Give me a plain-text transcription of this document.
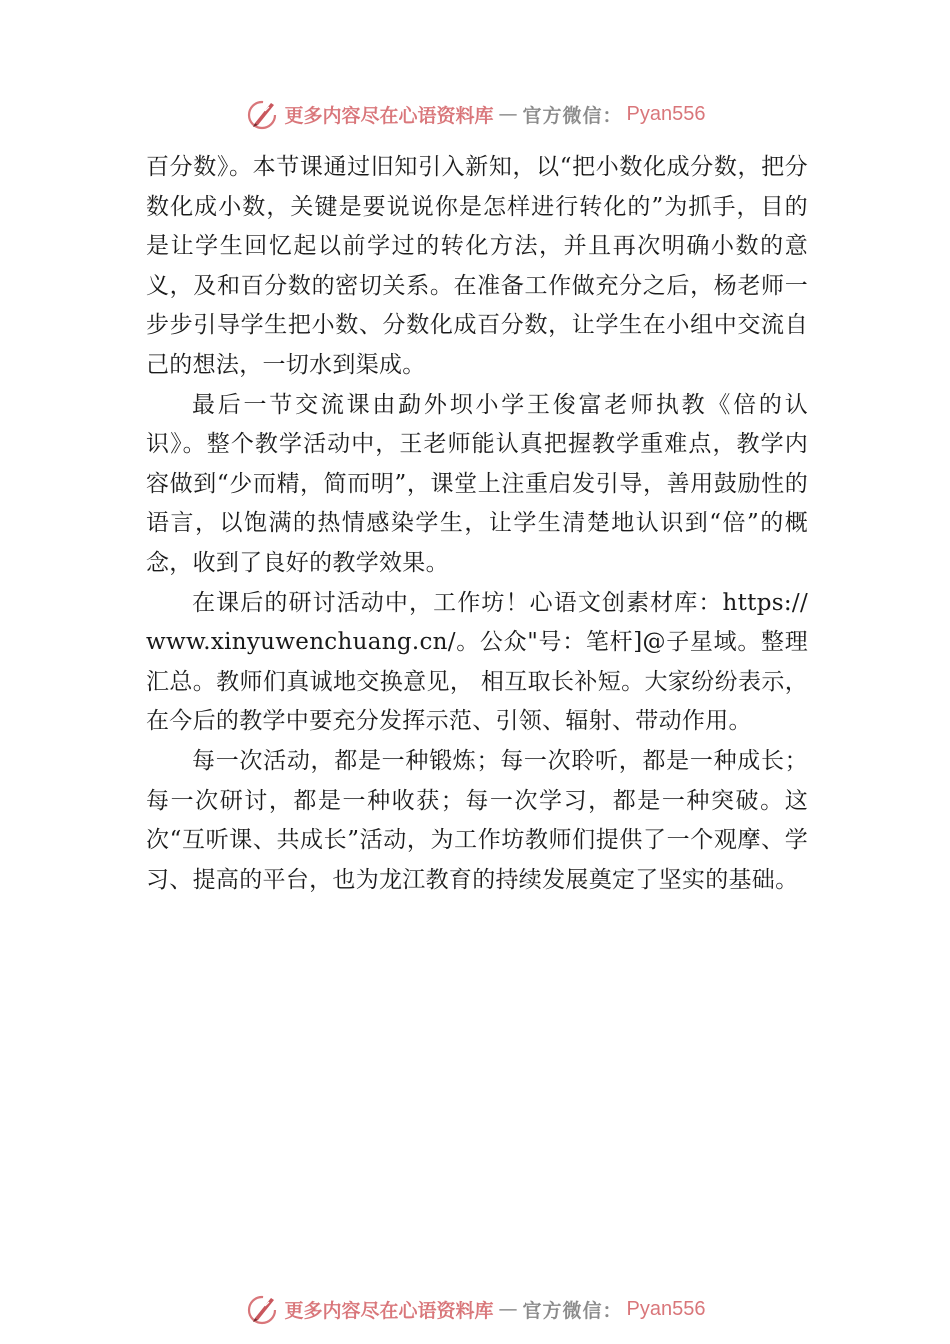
更多内容尽在心语资料库 — 官方微信： Pyan556

百分数》。本节课通过旧知引入新知，以“把小数化成分数，把分数化成小数，关键是要说说你是怎样进行转化的”为抓手，目的是让学生回忆起以前学过的转化方法，并且再次明确小数的意义，及和百分数的密切关系。在准备工作做充分之后，杨老师一步步引导学生把小数、分数化成百分数，让学生在小组中交流自己的想法，一切水到渠成。

最后一节交流课由勐外坝小学王俊富老师执教《倍的认识》。整个教学活动中，王老师能认真把握教学重难点，教学内容做到“少而精，简而明”，课堂上注重启发引导，善用鼓励性的语言，以饱满的热情感染学生，让学生清楚地认识到“倍”的概念，收到了良好的教学效果。

在课后的研讨活动中，工作坊！心语文创素材库：https://www.xinyuwenchuang.cn/。公众"号：笔杆]@子星域。整理汇总。教师们真诚地交换意见， 相互取长补短。大家纷纷表示，在今后的教学中要充分发挥示范、引领、辐射、带动作用。

每一次活动，都是一种锻炼；每一次聆听，都是一种成长；每一次研讨，都是一种收获；每一次学习，都是一种突破。这次“互听课、共成长”活动，为工作坊教师们提供了一个观摩、学习、提高的平台，也为龙江教育的持续发展奠定了坚实的基础。

更多内容尽在心语资料库 — 官方微信： Pyan556
